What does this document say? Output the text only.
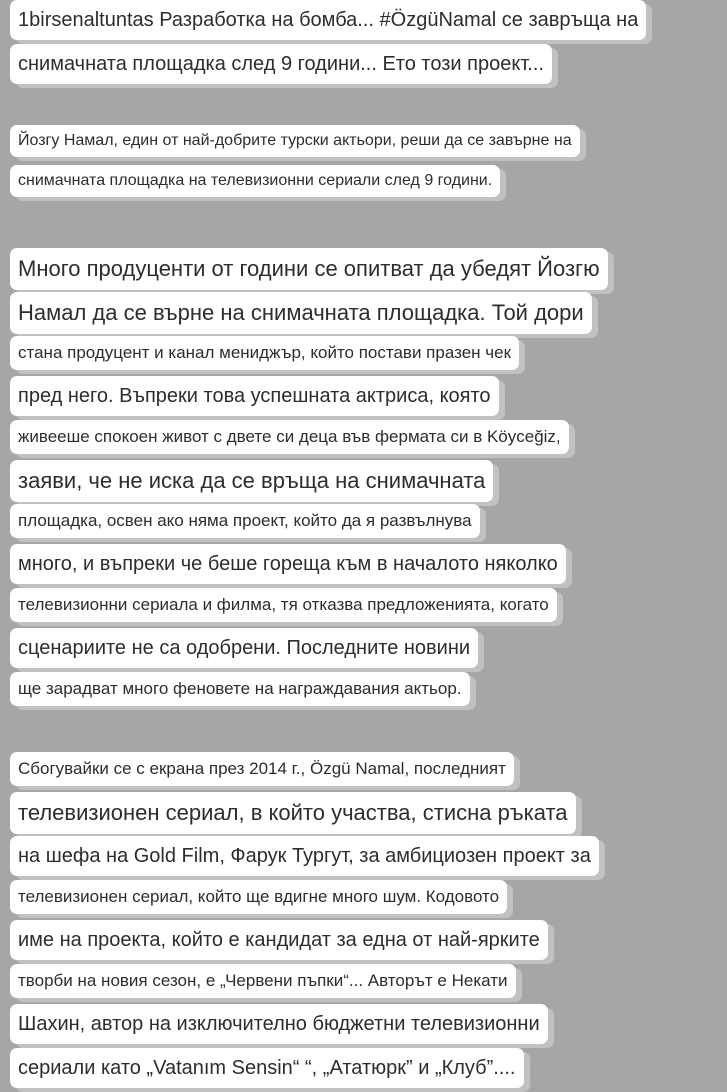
1birsenaltuntas Разработка на бомба... #ÖzgüNamal се завръща на
снимачната площадка след 9 години... Ето този проект...
Йозгу Намал, един от най-добрите турски актьори, реши да се завърне на
снимачната площадка на телевизионни сериали след 9 години.
Много продуценти от години се опитват да убедят Йозгю
Намал да се върне на снимачната площадка. Той дори
стана продуцент и канал мениджър, който постави празен чек
пред него. Въпреки това успешната актриса, която
живееше спокоен живот с двете си деца във фермата си в Köyceğiz,
заяви, че не иска да се връща на снимачната
площадка, освен ако няма проект, който да я развълнува
много, и въпреки че беше гореща към в началото няколко
телевизионни сериала и филма, тя отказва предложенията, когато
сценариите не са одобрени. Последните новини
ще зарадват много феновете на награждавания актьор.
Сбогувайки се с екрана през 2014 г., Özgü Namal, последният
телевизионен сериал, в който участва, стисна ръката
на шефа на Gold Film, Фарук Тургут, за амбициозен проект за
телевизионен сериал, който ще вдигне много шум. Кодовото
име на проекта, който е кандидат за една от най-ярките
творби на новия сезон, е „Червени пъпки“... Авторът е Некати
Шахин, автор на изключително бюджетни телевизионни
сериали като „Vatanım Sensin“ “, „Ататюрк” и „Клуб”....
